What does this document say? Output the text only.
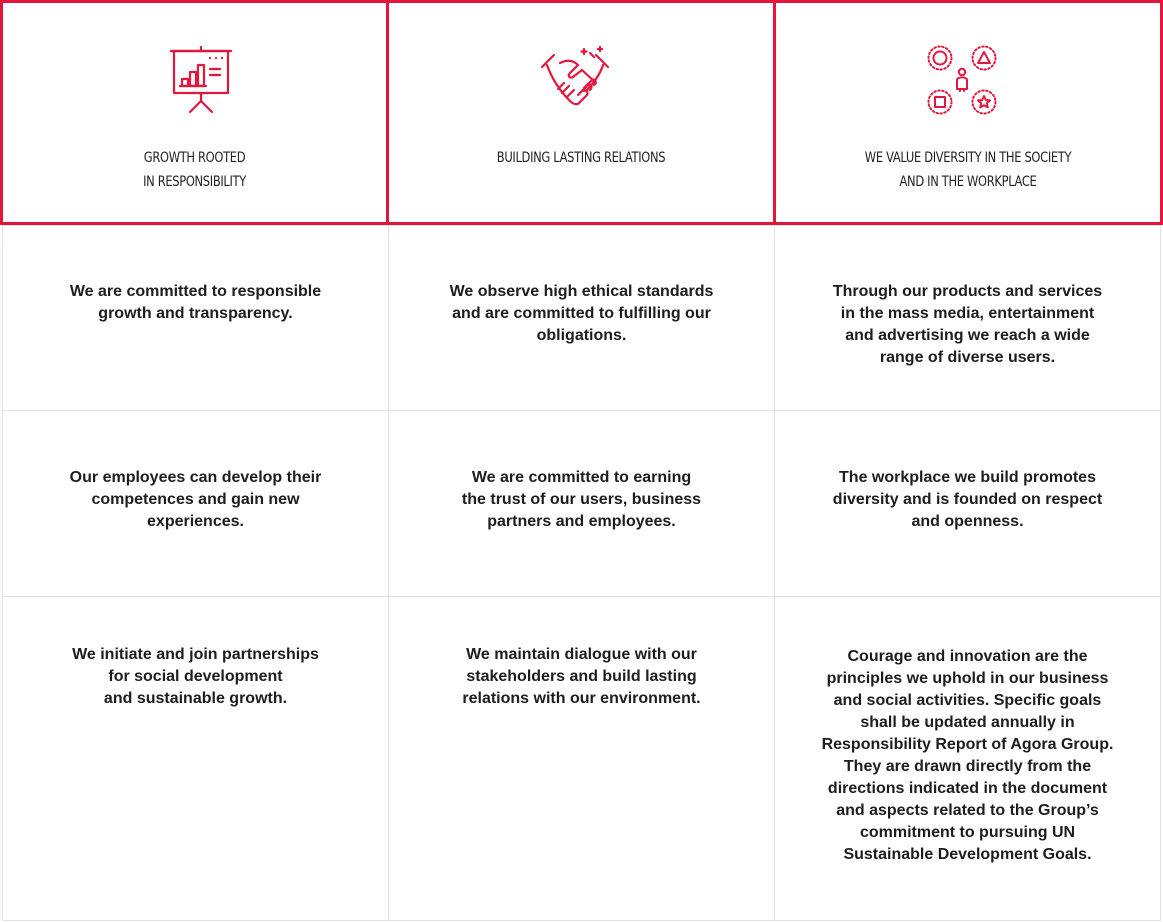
GROWTH ROOTED
IN RESPONSIBILITY
BUILDING LASTING RELATIONS	WE VALUE DIVERSITY IN THE SOCIETY
AND IN THE WORKPLACE
We are committed to responsible
growth and transparency.
We observe high ethical standards
and are committed to fulfilling our
obligations.
Through our products and services
in the mass media, entertainment
and advertising we reach a wide
range of diverse users.
Our employees can develop their
competences and gain new
experiences.
We are committed to earning
the trust of our users, business
partners and employees.
The workplace we build promotes
diversity and is founded on respect
and openness.
We initiate and join partnerships
for social development
and sustainable growth.
We maintain dialogue with our
stakeholders and build lasting
relations with our environment.
Courage and innovation are the
principles we uphold in our business
and social activities. Specific goals
shall be updated annually in
Responsibility Report of Agora Group.
They are drawn directly from the
directions indicated in the document
and aspects related to the Group’s
commitment to pursuing UN
Sustainable Development Goals.
